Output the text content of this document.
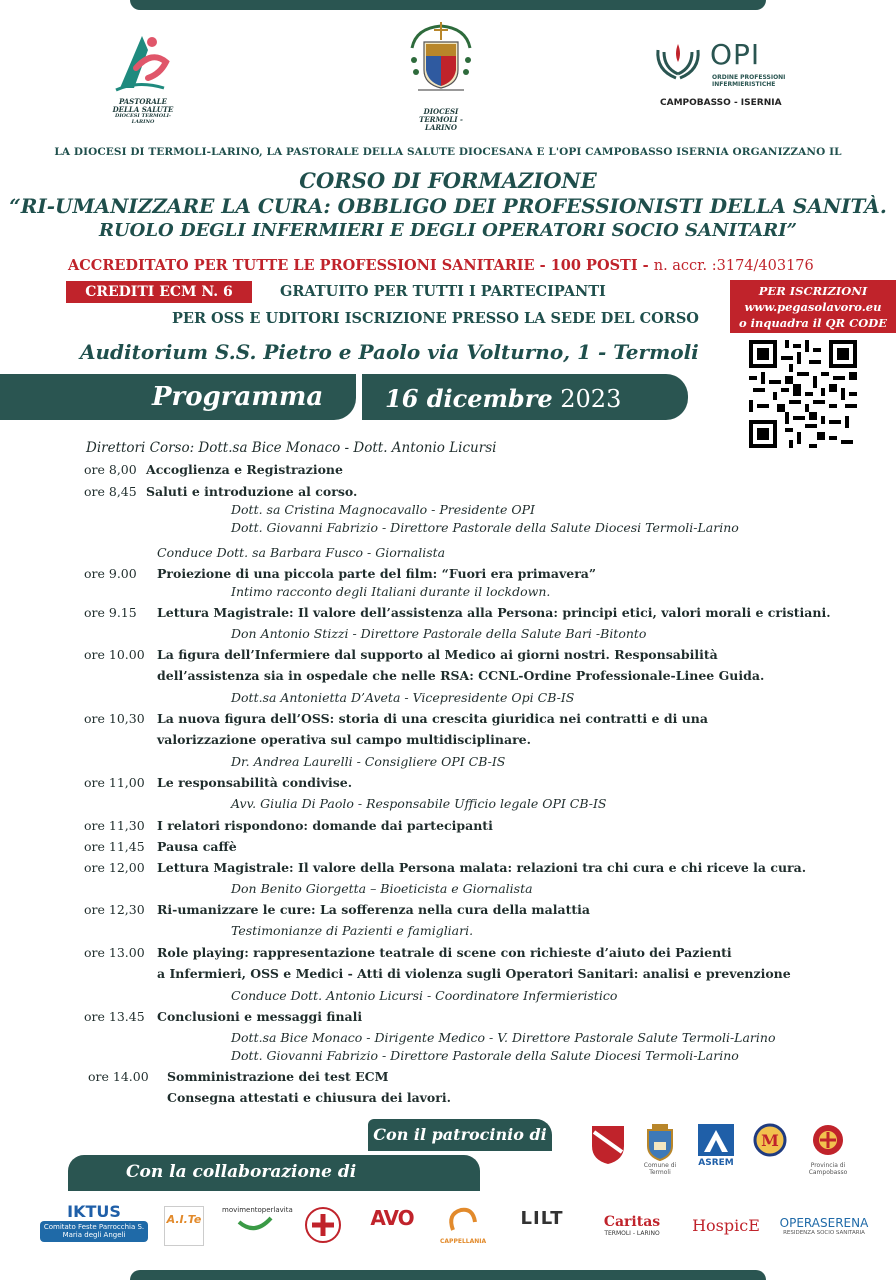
PASTORALE DELLA SALUTE
DIOCESI TERMOLI-LARINO
DIOCESI TERMOLI - LARINO
OPI
ORDINE PROFESSIONI INFERMIERISTICHE
CAMPOBASSO - ISERNIA
LA DIOCESI DI TERMOLI-LARINO, LA PASTORALE DELLA SALUTE DIOCESANA E L'OPI CAMPOBASSO ISERNIA ORGANIZZANO IL
CORSO DI FORMAZIONE
“RI-UMANIZZARE LA CURA: OBBLIGO DEI PROFESSIONISTI DELLA SANITÀ.
RUOLO DEGLI INFERMIERI E DEGLI OPERATORI SOCIO SANITARI”
ACCREDITATO PER TUTTE LE PROFESSIONI SANITARIE - 100 POSTI - n. accr. :3174/403176
CREDITI ECM N. 6	GRATUITO PER TUTTI I PARTECIPANTI
PER OSS E UDITORI ISCRIZIONE PRESSO LA SEDE DEL CORSO
PER ISCRIZIONI
www.pegasolavoro.eu
o inquadra il QR CODE
Auditorium S.S. Pietro e Paolo via Volturno, 1 - Termoli
Programma	16 dicembre 2023
Direttori Corso: Dott.sa Bice Monaco - Dott. Antonio Licursi
ore 8,00 Accoglienza e Registrazione
ore 8,45 Saluti e introduzione al corso.
Dott. sa Cristina Magnocavallo - Presidente OPI
Dott. Giovanni Fabrizio - Direttore Pastorale della Salute Diocesi Termoli-Larino
Conduce Dott. sa Barbara Fusco - Giornalista
ore 9.00 Proiezione di una piccola parte del film: “Fuori era primavera”
Intimo racconto degli Italiani durante il lockdown.
ore 9.15 Lettura Magistrale: Il valore dell’assistenza alla Persona: principi etici, valori morali e cristiani.
Don Antonio Stizzi - Direttore Pastorale della Salute Bari -Bitonto
ore 10.00 La figura dell’Infermiere dal supporto al Medico ai giorni nostri. Responsabilità
dell’assistenza sia in ospedale che nelle RSA: CCNL-Ordine Professionale-Linee Guida.
Dott.sa Antonietta D’Aveta - Vicepresidente Opi CB-IS
ore 10,30 La nuova figura dell’OSS: storia di una crescita giuridica nei contratti e di una
valorizzazione operativa sul campo multidisciplinare.
Dr. Andrea Laurelli - Consigliere OPI CB-IS
ore 11,00 Le responsabilità condivise.
Avv. Giulia Di Paolo - Responsabile Ufficio legale OPI CB-IS
ore 11,30 I relatori rispondono: domande dai partecipanti
ore 11,45 Pausa caffè
ore 12,00 Lettura Magistrale: Il valore della Persona malata: relazioni tra chi cura e chi riceve la cura.
Don Benito Giorgetta – Bioeticista e Giornalista
ore 12,30 Ri-umanizzare le cure: La sofferenza nella cura della malattia
Testimonianze di Pazienti e famigliari.
ore 13.00 Role playing: rappresentazione teatrale di scene con richieste d’aiuto dei Pazienti
a Infermieri, OSS e Medici - Atti di violenza sugli Operatori Sanitari: analisi e prevenzione
Conduce Dott. Antonio Licursi - Coordinatore Infermieristico
ore 13.45 Conclusioni e messaggi finali
Dott.sa Bice Monaco - Dirigente Medico - V. Direttore Pastorale Salute Termoli-Larino
Dott. Giovanni Fabrizio - Direttore Pastorale della Salute Diocesi Termoli-Larino
ore 14.00 Somministrazione dei test ECM
Consegna attestati e chiusura dei lavori.
Con il patrocinio di
Comune di Termoli
ASREM
M
Provincia di Campobasso
Con la collaborazione di
IKTUS
Comitato Feste Parrocchia S. Maria degli Angeli
A.I.Te
movimentoperlavita	AVO
CAPPELLANIA
LILT	Caritas
TERMOLI - LARINO	HospicE	OPERASERENA
RESIDENZA SOCIO SANITARIA
